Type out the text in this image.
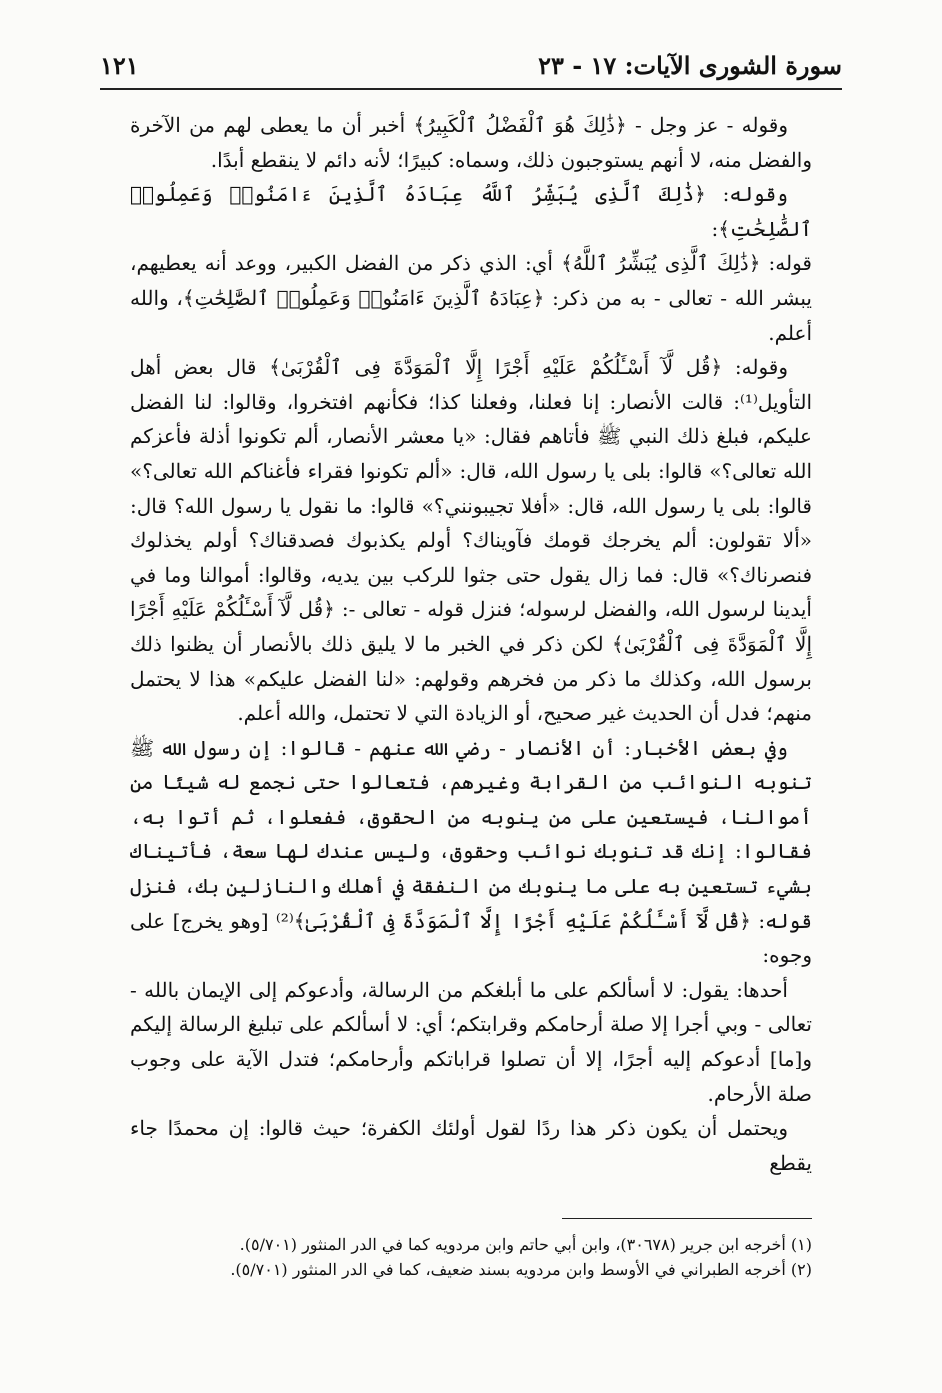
سورة الشورى الآيات: ١٧ - ٢٣
١٢١

وقوله - عز وجل - ﴿ذَٰلِكَ هُوَ ٱلْفَضْلُ ٱلْكَبِيرُ﴾ أخبر أن ما يعطى لهم من الآخرة والفضل منه، لا أنهم يستوجبون ذلك، وسماه: كبيرًا؛ لأنه دائم لا ينقطع أبدًا.

وقوله: ﴿ذَٰلِكَ ٱلَّذِى يُبَشِّرُ ٱللَّهُ عِبَادَهُ ٱلَّذِينَ ءَامَنُوا۟ وَعَمِلُوا۟ ٱلصَّٰلِحَٰتِ﴾:

قوله: ﴿ذَٰلِكَ ٱلَّذِى يُبَشِّرُ ٱللَّهُ﴾ أي: الذي ذكر من الفضل الكبير، ووعد أنه يعطيهم، يبشر الله - تعالى - به من ذكر: ﴿عِبَادَهُ ٱلَّذِينَ ءَامَنُوا۟ وَعَمِلُوا۟ ٱلصَّٰلِحَٰتِ﴾، والله أعلم.

وقوله: ﴿قُل لَّآ أَسْـَٔلُكُمْ عَلَيْهِ أَجْرًا إِلَّا ٱلْمَوَدَّةَ فِى ٱلْقُرْبَىٰ﴾ قال بعض أهل التأويل⁽¹⁾: قالت الأنصار: إنا فعلنا، وفعلنا كذا؛ فكأنهم افتخروا، وقالوا: لنا الفضل عليكم، فبلغ ذلك النبي ﷺ فأتاهم فقال: «يا معشر الأنصار، ألم تكونوا أذلة فأعزكم الله تعالى؟» قالوا: بلى يا رسول الله، قال: «ألم تكونوا فقراء فأغناكم الله تعالى؟» قالوا: بلى يا رسول الله، قال: «أفلا تجيبونني؟» قالوا: ما نقول يا رسول الله؟ قال: «ألا تقولون: ألم يخرجك قومك فآويناك؟ أولم يكذبوك فصدقناك؟ أولم يخذلوك فنصرناك؟» قال: فما زال يقول حتى جثوا للركب بين يديه، وقالوا: أموالنا وما في أيدينا لرسول الله، والفضل لرسوله؛ فنزل قوله - تعالى -: ﴿قُل لَّآ أَسْـَٔلُكُمْ عَلَيْهِ أَجْرًا إِلَّا ٱلْمَوَدَّةَ فِى ٱلْقُرْبَىٰ﴾ لكن ذكر في الخبر ما لا يليق ذلك بالأنصار أن يظنوا ذلك برسول الله، وكذلك ما ذكر من فخرهم وقولهم: «لنا الفضل عليكم» هذا لا يحتمل منهم؛ فدل أن الحديث غير صحيح، أو الزيادة التي لا تحتمل، والله أعلم.

وفي بعض الأخبار: أن الأنصار - رضي الله عنهم - قالوا: إن رسول الله ﷺ تنوبه النوائب من القرابة وغيرهم، فتعالوا حتى نجمع له شيئًا من أموالنا، فيستعين على من ينوبه من الحقوق، ففعلوا، ثم أتوا به، فقالوا: إنك قد تنوبك نوائب وحقوق، وليس عندك لها سعة، فأتيناك بشيء تستعين به على ما ينوبك من النفقة في أهلك والنازلين بك، فنزل قوله: ﴿قُل لَّآ أَسْـَٔلُكُمْ عَلَيْهِ أَجْرًا إِلَّا ٱلْمَوَدَّةَ فِى ٱلْقُرْبَىٰ﴾⁽²⁾ [وهو يخرج] على وجوه:

أحدها: يقول: لا أسألكم على ما أبلغكم من الرسالة، وأدعوكم إلى الإيمان بالله - تعالى - وبي أجرا إلا صلة أرحامكم وقرابتكم؛ أي: لا أسألكم على تبليغ الرسالة إليكم و[ما] أدعوكم إليه أجرًا، إلا أن تصلوا قراباتكم وأرحامكم؛ فتدل الآية على وجوب صلة الأرحام.

ويحتمل أن يكون ذكر هذا ردًا لقول أولئك الكفرة؛ حيث قالوا: إن محمدًا جاء يقطع

(١) أخرجه ابن جرير (٣٠٦٧٨)، وابن أبي حاتم وابن مردويه كما في الدر المنثور (٥/٧٠١).

(٢) أخرجه الطبراني في الأوسط وابن مردويه بسند ضعيف، كما في الدر المنثور (٥/٧٠١).
